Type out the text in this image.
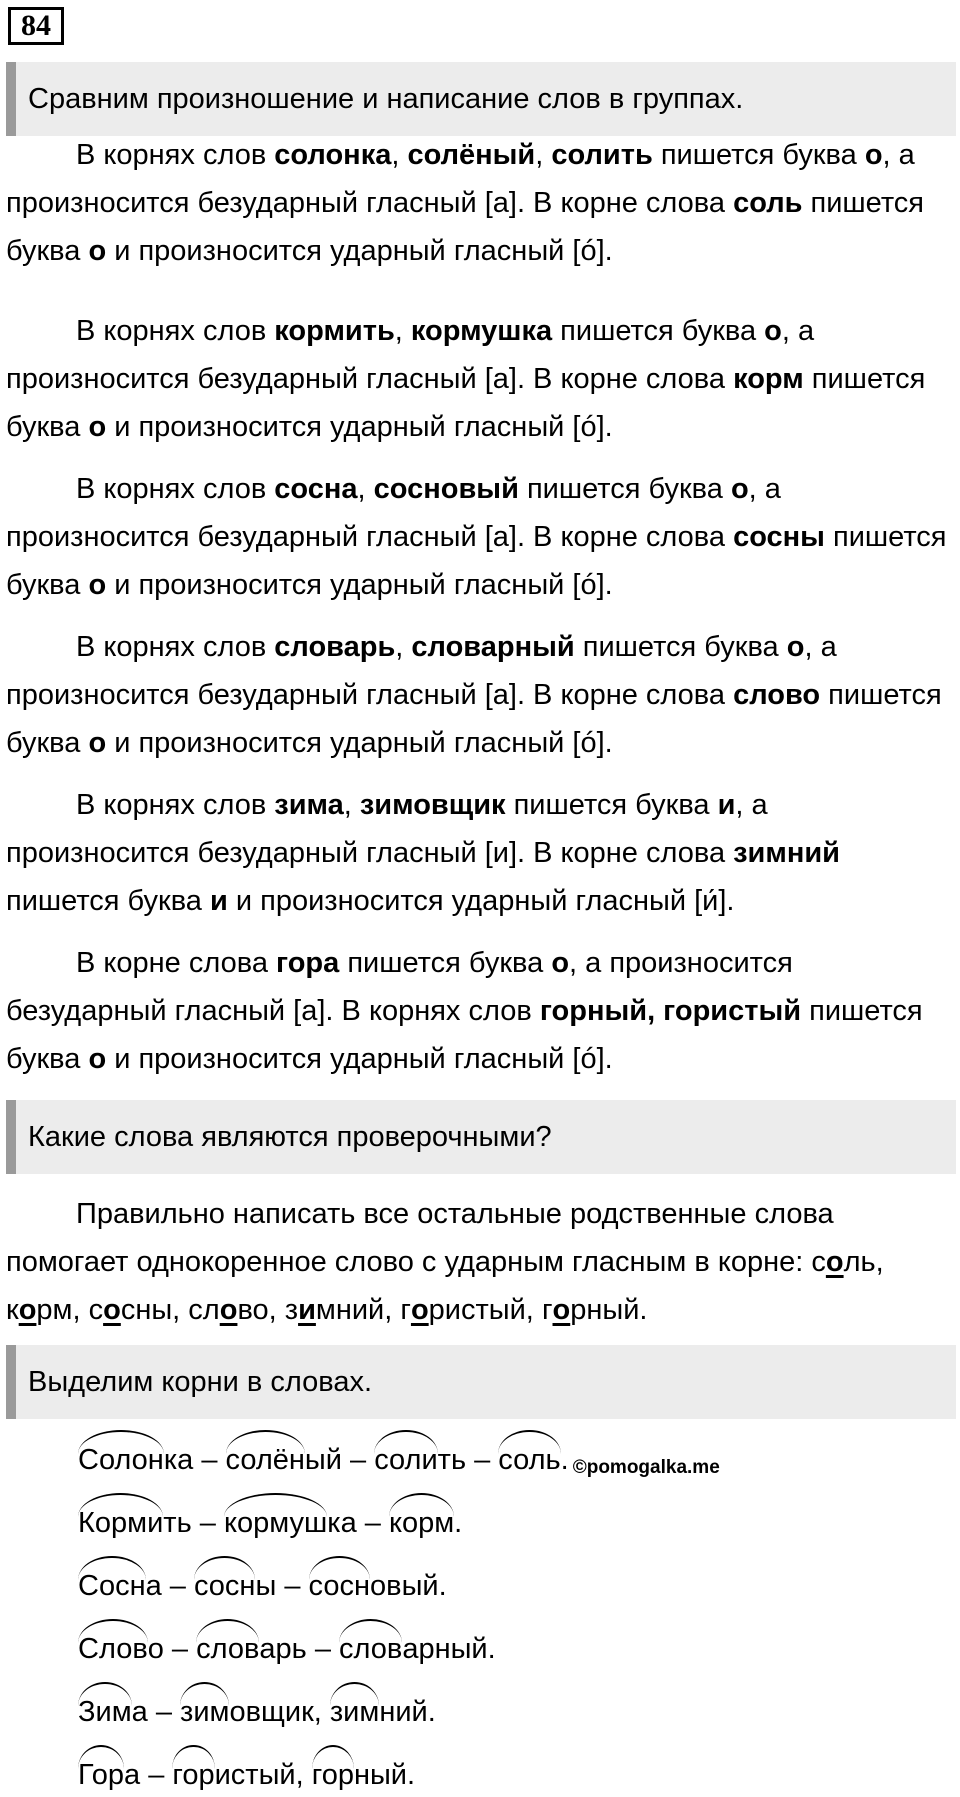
84
Сравним произношение и написание слов в группах.
В корнях слов солонка, солёный, солить пишется буква о, а произносится безударный гласный [а]. В корне слова соль пишется буква о и произносится ударный гласный [ó].
В корнях слов кормить, кормушка пишется буква о, а произносится безударный гласный [а]. В корне слова корм пишется буква о и произносится ударный гласный [ó].
В корнях слов сосна, сосновый пишется буква о, а произносится безударный гласный [а]. В корне слова сосны пишется буква о и произносится ударный гласный [ó].
В корнях слов словарь, словарный пишется буква о, а произносится безударный гласный [а]. В корне слова слово пишется буква о и произносится ударный гласный [ó].
В корнях слов зима, зимовщик пишется буква и, а произносится безударный гласный [и]. В корне слова зимний пишется буква и и произносится ударный гласный [и́].
В корне слова гора пишется буква о, а произносится безударный гласный [а]. В корнях слов горный, гористый пишется буква о и произносится ударный гласный [ó].
Какие слова являются проверочными?
Правильно написать все остальные родственные слова помогает однокоренное слово с ударным гласным в корне: соль, корм, сосны, слово, зимний, гористый, горный.
Выделим корни в словах.
Солонка – солёный – солить – соль. ©pomogalka.me
Кормить – кормушка – корм.
Сосна – сосны – сосновый.
Слово – словарь – словарный.
Зима – зимовщик, зимний.
Гора – гористый, горный.
